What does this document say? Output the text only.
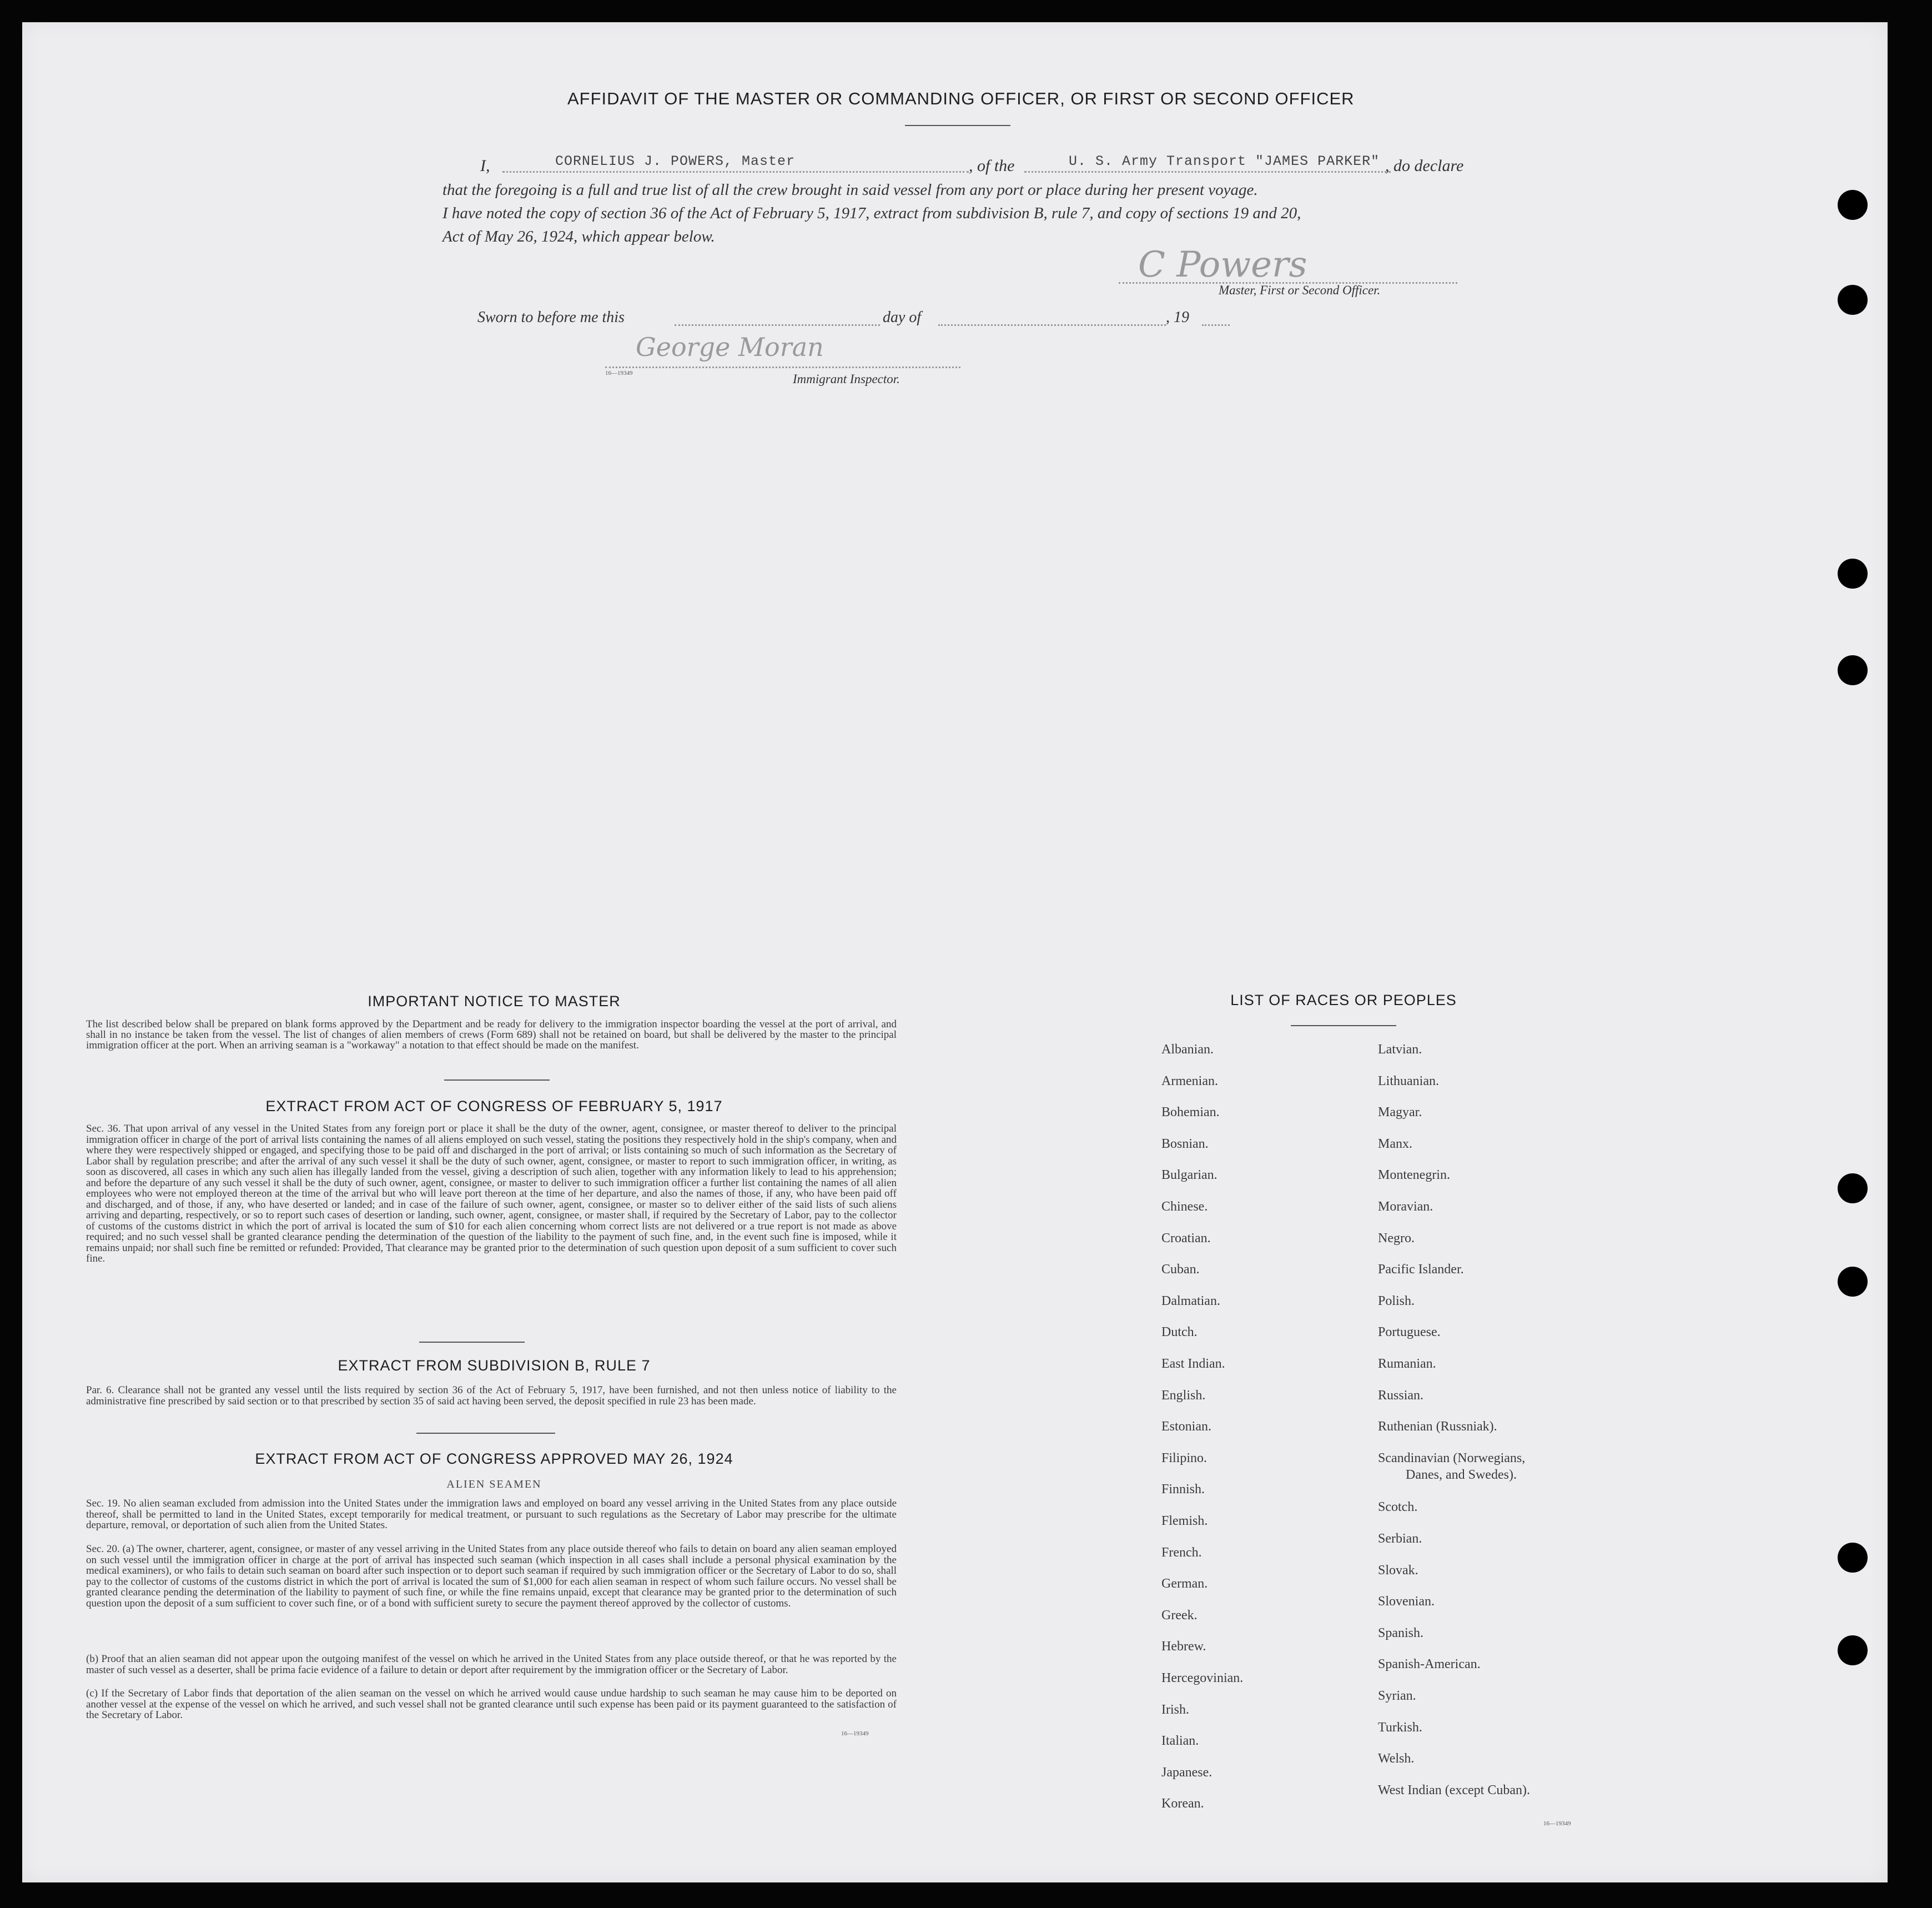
AFFIDAVIT OF THE MASTER OR COMMANDING OFFICER, OR FIRST OR SECOND OFFICER
I,	CORNELIUS J. POWERS, Master	, of the	U. S. Army Transport "JAMES PARKER" , do declare
that the foregoing is a full and true list of all the crew brought in said vessel from any port or place during her present voyage.
I have noted the copy of section 36 of the Act of February 5, 1917, extract from subdivision B, rule 7, and copy of sections 19 and 20,
Act of May 26, 1924, which appear below.
C Powers
Master, First or Second Officer.
Sworn to before me this	day of	, 19
George Moran
16—19349	Immigrant Inspector.
IMPORTANT NOTICE TO MASTER
The list described below shall be prepared on blank forms approved by the Department and be ready for delivery to the immigration inspector boarding the vessel at the port of arrival, and shall in no instance be taken from the vessel. The list of changes of alien members of crews (Form 689) shall not be retained on board, but shall be delivered by the master to the principal immigration officer at the port. When an arriving seaman is a "workaway" a notation to that effect should be made on the manifest.
EXTRACT FROM ACT OF CONGRESS OF FEBRUARY 5, 1917
Sec. 36. That upon arrival of any vessel in the United States from any foreign port or place it shall be the duty of the owner, agent, consignee, or master thereof to deliver to the principal immigration officer in charge of the port of arrival lists containing the names of all aliens employed on such vessel, stating the positions they respectively hold in the ship's company, when and where they were respectively shipped or engaged, and specifying those to be paid off and discharged in the port of arrival; or lists containing so much of such information as the Secretary of Labor shall by regulation prescribe; and after the arrival of any such vessel it shall be the duty of such owner, agent, consignee, or master to report to such immigration officer, in writing, as soon as discovered, all cases in which any such alien has illegally landed from the vessel, giving a description of such alien, together with any information likely to lead to his apprehension; and before the departure of any such vessel it shall be the duty of such owner, agent, consignee, or master to deliver to such immigration officer a further list containing the names of all alien employees who were not employed thereon at the time of the arrival but who will leave port thereon at the time of her departure, and also the names of those, if any, who have been paid off and discharged, and of those, if any, who have deserted or landed; and in case of the failure of such owner, agent, consignee, or master so to deliver either of the said lists of such aliens arriving and departing, respectively, or so to report such cases of desertion or landing, such owner, agent, consignee, or master shall, if required by the Secretary of Labor, pay to the collector of customs of the customs district in which the port of arrival is located the sum of $10 for each alien concerning whom correct lists are not delivered or a true report is not made as above required; and no such vessel shall be granted clearance pending the determination of the question of the liability to the payment of such fine, and, in the event such fine is imposed, while it remains unpaid; nor shall such fine be remitted or refunded: Provided, That clearance may be granted prior to the determination of such question upon deposit of a sum sufficient to cover such fine.
EXTRACT FROM SUBDIVISION B, RULE 7
Par. 6. Clearance shall not be granted any vessel until the lists required by section 36 of the Act of February 5, 1917, have been furnished, and not then unless notice of liability to the administrative fine prescribed by said section or to that prescribed by section 35 of said act having been served, the deposit specified in rule 23 has been made.
EXTRACT FROM ACT OF CONGRESS APPROVED MAY 26, 1924
ALIEN SEAMEN
Sec. 19. No alien seaman excluded from admission into the United States under the immigration laws and employed on board any vessel arriving in the United States from any place outside thereof, shall be permitted to land in the United States, except temporarily for medical treatment, or pursuant to such regulations as the Secretary of Labor may prescribe for the ultimate departure, removal, or deportation of such alien from the United States.
Sec. 20. (a) The owner, charterer, agent, consignee, or master of any vessel arriving in the United States from any place outside thereof who fails to detain on board any alien seaman employed on such vessel until the immigration officer in charge at the port of arrival has inspected such seaman (which inspection in all cases shall include a personal physical examination by the medical examiners), or who fails to detain such seaman on board after such inspection or to deport such seaman if required by such immigration officer or the Secretary of Labor to do so, shall pay to the collector of customs of the customs district in which the port of arrival is located the sum of $1,000 for each alien seaman in respect of whom such failure occurs. No vessel shall be granted clearance pending the determination of the liability to payment of such fine, or while the fine remains unpaid, except that clearance may be granted prior to the determination of such question upon the deposit of a sum sufficient to cover such fine, or of a bond with sufficient surety to secure the payment thereof approved by the collector of customs.
(b) Proof that an alien seaman did not appear upon the outgoing manifest of the vessel on which he arrived in the United States from any place outside thereof, or that he was reported by the master of such vessel as a deserter, shall be prima facie evidence of a failure to detain or deport after requirement by the immigration officer or the Secretary of Labor.
(c) If the Secretary of Labor finds that deportation of the alien seaman on the vessel on which he arrived would cause undue hardship to such seaman he may cause him to be deported on another vessel at the expense of the vessel on which he arrived, and such vessel shall not be granted clearance until such expense has been paid or its payment guaranteed to the satisfaction of the Secretary of Labor.
16—19349
LIST OF RACES OR PEOPLES
Albanian.
Armenian.
Bohemian.
Bosnian.
Bulgarian.
Chinese.
Croatian.
Cuban.
Dalmatian.
Dutch.
East Indian.
English.
Estonian.
Filipino.
Finnish.
Flemish.
French.
German.
Greek.
Hebrew.
Hercegovinian.
Irish.
Italian.
Japanese.
Korean.
Latvian.
Lithuanian.
Magyar.
Manx.
Montenegrin.
Moravian.
Negro.
Pacific Islander.
Polish.
Portuguese.
Rumanian.
Russian.
Ruthenian (Russniak).
Scandinavian (Norwegians,
Danes, and Swedes).
Scotch.
Serbian.
Slovak.
Slovenian.
Spanish.
Spanish-American.
Syrian.
Turkish.
Welsh.
West Indian (except Cuban).
16—19349
